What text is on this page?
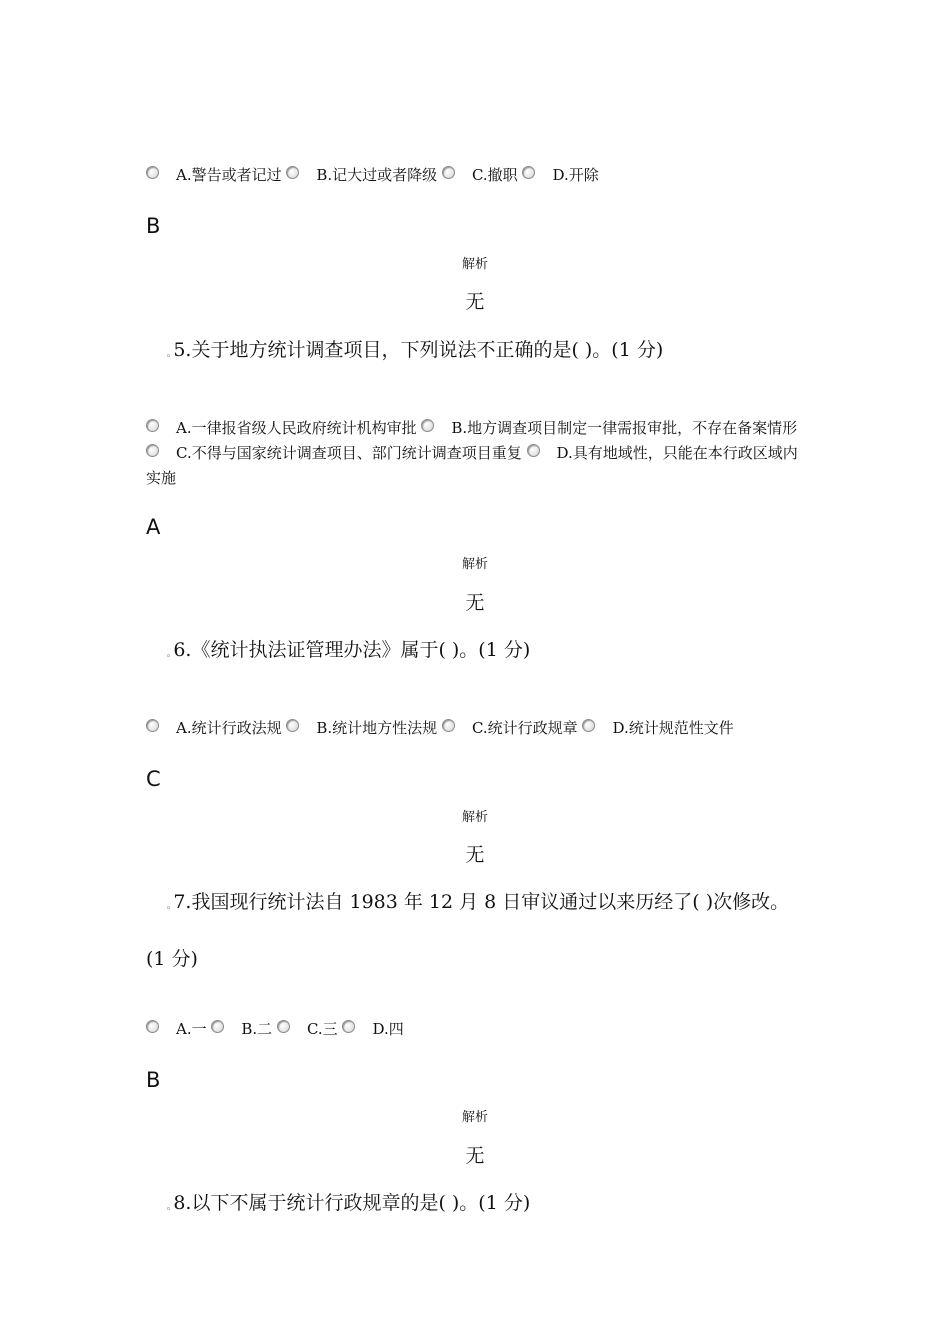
A.警告或者记过 B.记大过或者降级 C.撤职 D.开除
B
解析
无
◦ 5.关于地方统计调查项目，下列说法不正确的是( )。(1 分)
A.一律报省级人民政府统计机构审批 B.地方调查项目制定一律需报审批，不存在备案情形 C.不得与国家统计调查项目、部门统计调查项目重复 D.具有地域性，只能在本行政区域内实施
A
解析
无
◦ 6.《统计执法证管理办法》属于( )。(1 分)
A.统计行政法规 B.统计地方性法规 C.统计行政规章 D.统计规范性文件
C
解析
无
◦ 7.我国现行统计法自 1983 年 12 月 8 日审议通过以来历经了( )次修改。(1 分)
A.一 B.二 C.三 D.四
B
解析
无
◦ 8.以下不属于统计行政规章的是( )。(1 分)
